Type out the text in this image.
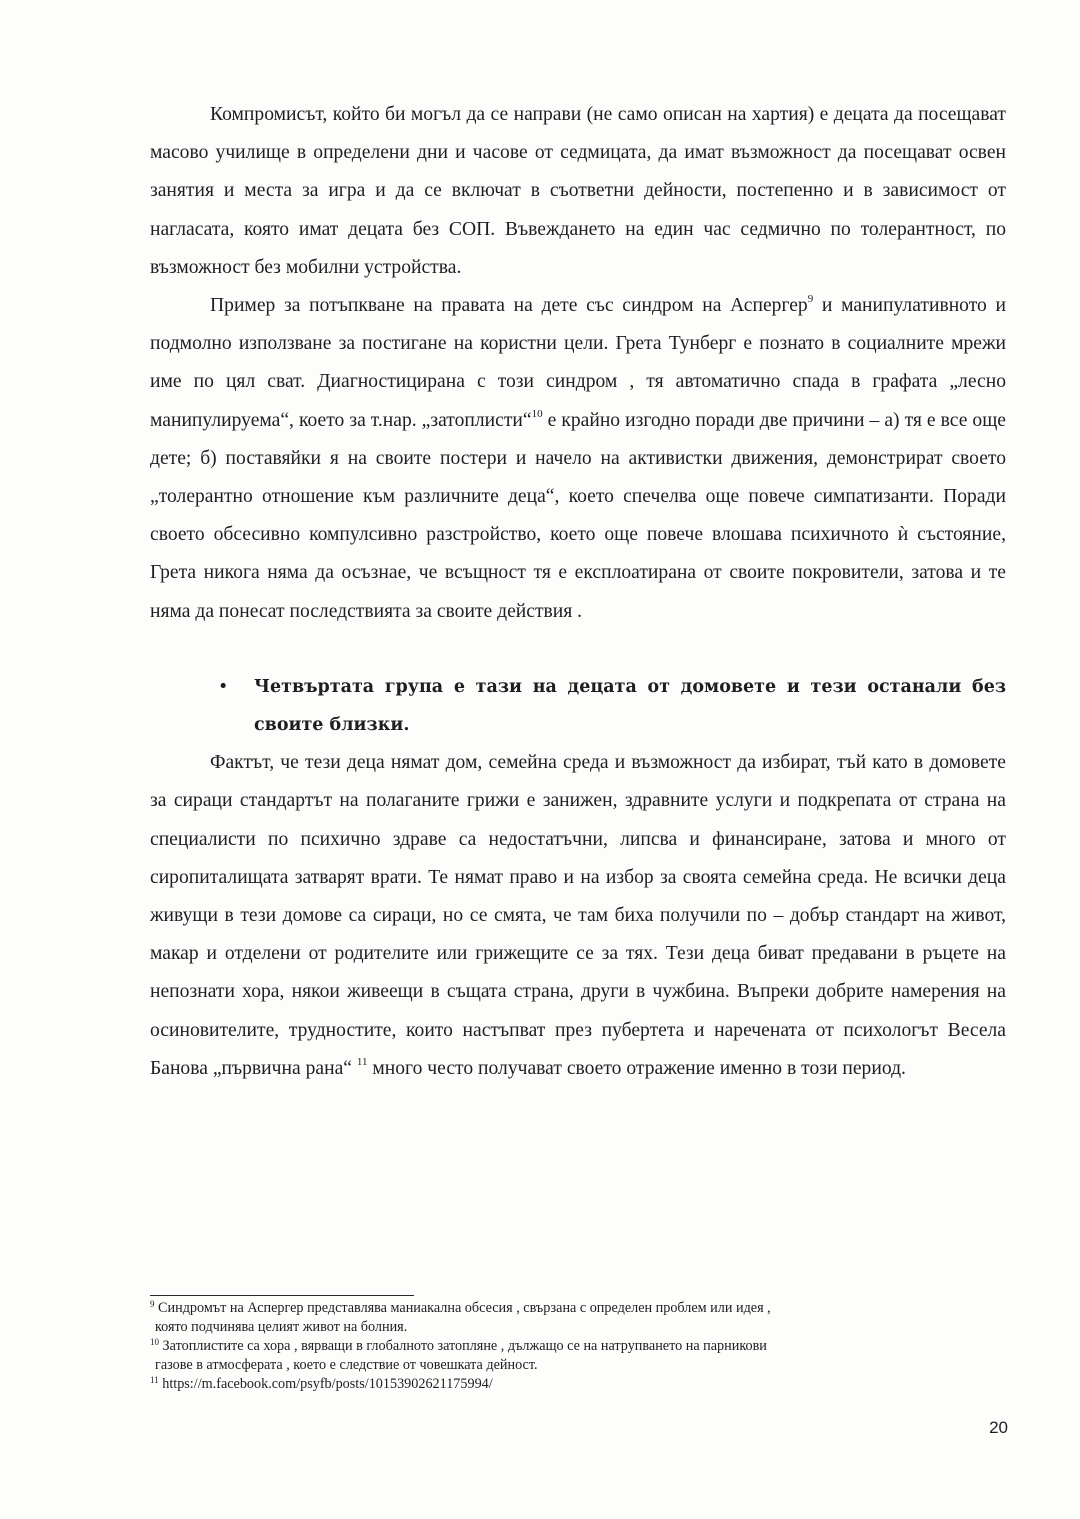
Компромисът, който би могъл да се направи (не само описан на хартия) е децата да посещават масово училище в определени дни и часове от седмицата, да имат възможност да посещават освен занятия и места за игра и да се включат в съответни дейности, постепенно и в зависимост от нагласата, която имат децата без СОП. Въвеждането на един час седмично по толерантност, по възможност без мобилни устройства.

Пример за потъпкване на правата на дете със синдром на Аспергер$^9$ и манипулативното и подмолно използване за постигане на користни цели. Грета Тунберг е познато в социалните мрежи име по цял сват. Диагностицирана с този синдром , тя автоматично спада в графата „лесно манипулируема“, което за т.нар. „затоплисти“$^{10}$ е крайно изгодно поради две причини – а) тя е все още дете; б) поставяйки я на своите постери и начело на активистки движения, демонстрират своето „толерантно отношение към различните деца“, което спечелва още повече симпатизанти. Поради своето обсесивно компулсивно разстройство, което още повече влошава психичното ѝ състояние, Грета никога няма да осъзнае, че всъщност тя е експлоатирана от своите покровители, затова и те няма да понесат последствията за своите действия .

• Четвъртата група е тази на децата от домовете и тези останали без своите близки.

Фактът, че тези деца нямат дом, семейна среда и възможност да избират, тъй като в домовете за сираци стандартът на полаганите грижи е занижен, здравните услуги и подкрепата от страна на специалисти по психично здраве са недостатъчни, липсва и финансиране, затова и много от сиропиталищата затварят врати. Те нямат право и на избор за своята семейна среда. Не всички деца живущи в тези домове са сираци, но се смята, че там биха получили по – добър стандарт на живот, макар и отделени от родителите или грижещите се за тях. Тези деца биват предавани в ръцете на непознати хора, някои живеещи в същата страна, други в чужбина. Въпреки добрите намерения на осиновителите, трудностите, които настъпват през пубертета и наречената от психологът Весела Банова „първична рана“ $^{11}$ много често получават своето отражение именно в този период.

$^9$ Синдромът на Аспергер представлява маниакална обсесия , свързана с определен проблем или идея ,
която подчинява целият живот на болния.
$^{10}$ Затоплистите са хора , вярващи в глобалното затопляне , дължащо се на натрупването на парникови
газове в атмосферата , което е следствие от човешката дейност.
$^{11}$ https://m.facebook.com/psyfb/posts/10153902621175994/
20
